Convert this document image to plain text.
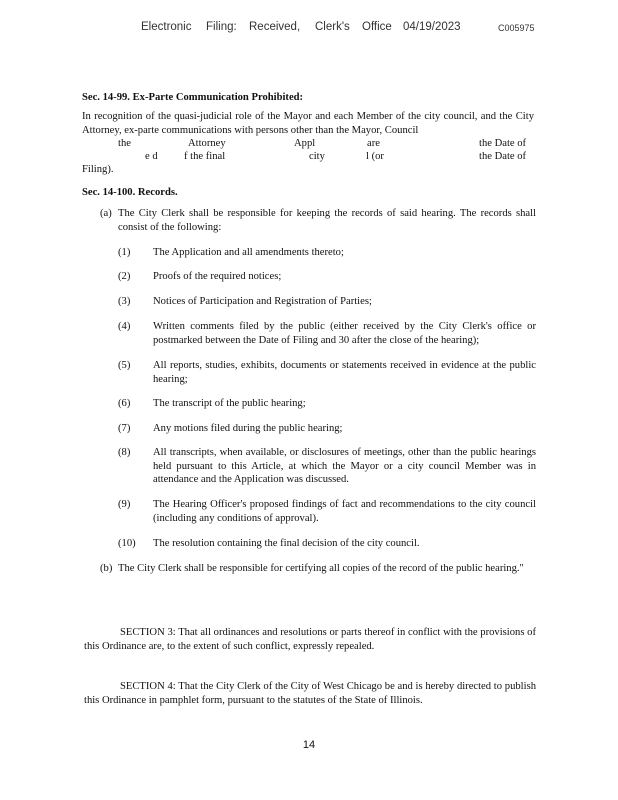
Electronic Filing: Received, Clerk's Office 04/19/2023	C005975
Sec. 14-99. Ex-Parte Communication Prohibited:

In recognition of the quasi-judicial role of the Mayor and each Member of the city council, and the City Attorney, ex-parte communications with persons other than the Mayor, Council

the	Attorney	Appl	are	the Date of
e d f the final	city	l (or	the Date of
Filing).
Sec. 14-100. Records.

(a) The City Clerk shall be responsible for keeping the records of said hearing. The records shall consist of the following:

(1) The Application and all amendments thereto;
(2) Proofs of the required notices;
(3) Notices of Participation and Registration of Parties;
(4) Written comments filed by the public (either received by the City Clerk's office or postmarked between the Date of Filing and 30 after the close of the hearing);
(5) All reports, studies, exhibits, documents or statements received in evidence at the public hearing;
(6) The transcript of the public hearing;
(7) Any motions filed during the public hearing;
(8) All transcripts, when available, or disclosures of meetings, other than the public hearings held pursuant to this Article, at which the Mayor or a city council Member was in attendance and the Application was discussed.
(9) The Hearing Officer's proposed findings of fact and recommendations to the city council (including any conditions of approval).
(10) The resolution containing the final decision of the city council.

(b) The City Clerk shall be responsible for certifying all copies of the record of the public hearing."

SECTION 3: That all ordinances and resolutions or parts thereof in conflict with the provisions of this Ordinance are, to the extent of such conflict, expressly repealed.

SECTION 4: That the City Clerk of the City of West Chicago be and is hereby directed to publish this Ordinance in pamphlet form, pursuant to the statutes of the State of Illinois.

14
